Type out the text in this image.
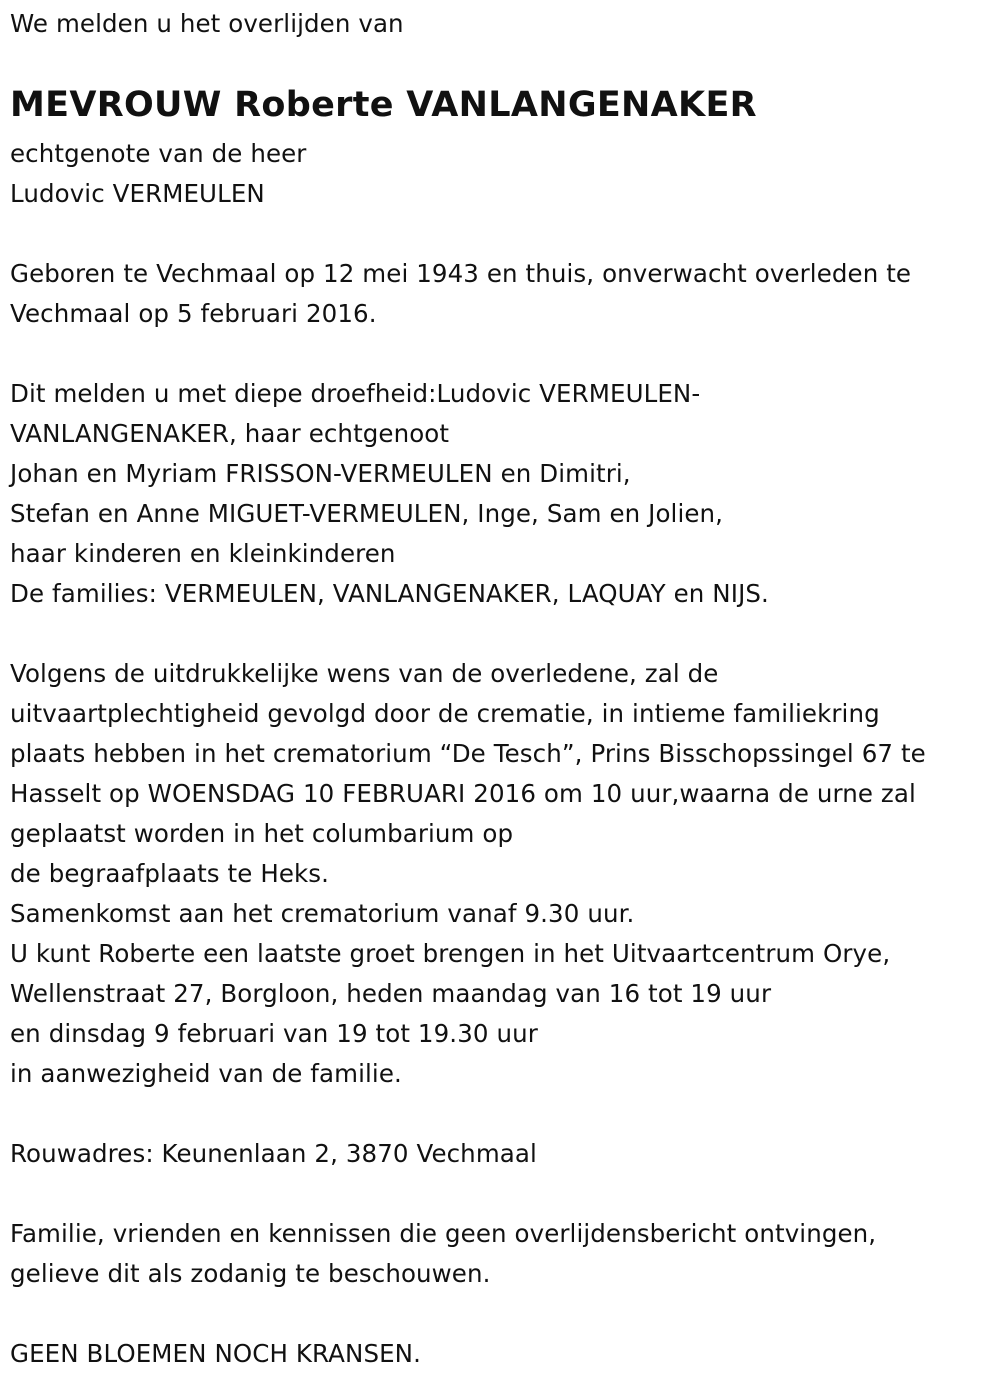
We melden u het overlijden van

MEVROUW Roberte VANLANGENAKER

echtgenote van de heer

Ludovic VERMEULEN

Geboren te Vechmaal op 12 mei 1943 en thuis, onverwacht overleden te

Vechmaal op 5 februari 2016.

Dit melden u met diepe droefheid:Ludovic VERMEULEN-

VANLANGENAKER, haar echtgenoot

Johan en Myriam FRISSON-VERMEULEN en Dimitri,

Stefan en Anne MIGUET-VERMEULEN, Inge, Sam en Jolien,

haar kinderen en kleinkinderen

De families: VERMEULEN, VANLANGENAKER, LAQUAY en NIJS.

Volgens de uitdrukkelijke wens van de overledene, zal de

uitvaartplechtigheid gevolgd door de crematie, in intieme familiekring

plaats hebben in het crematorium “De Tesch”, Prins Bisschopssingel 67 te

Hasselt op WOENSDAG 10 FEBRUARI 2016 om 10 uur,waarna de urne zal

geplaatst worden in het columbarium op

de begraafplaats te Heks.

Samenkomst aan het crematorium vanaf 9.30 uur.

U kunt Roberte een laatste groet brengen in het Uitvaartcentrum Orye,

Wellenstraat 27, Borgloon, heden maandag van 16 tot 19 uur

en dinsdag 9 februari van 19 tot 19.30 uur

in aanwezigheid van de familie.

Rouwadres: Keunenlaan 2, 3870 Vechmaal

Familie, vrienden en kennissen die geen overlijdensbericht ontvingen,

gelieve dit als zodanig te beschouwen.

GEEN BLOEMEN NOCH KRANSEN.
